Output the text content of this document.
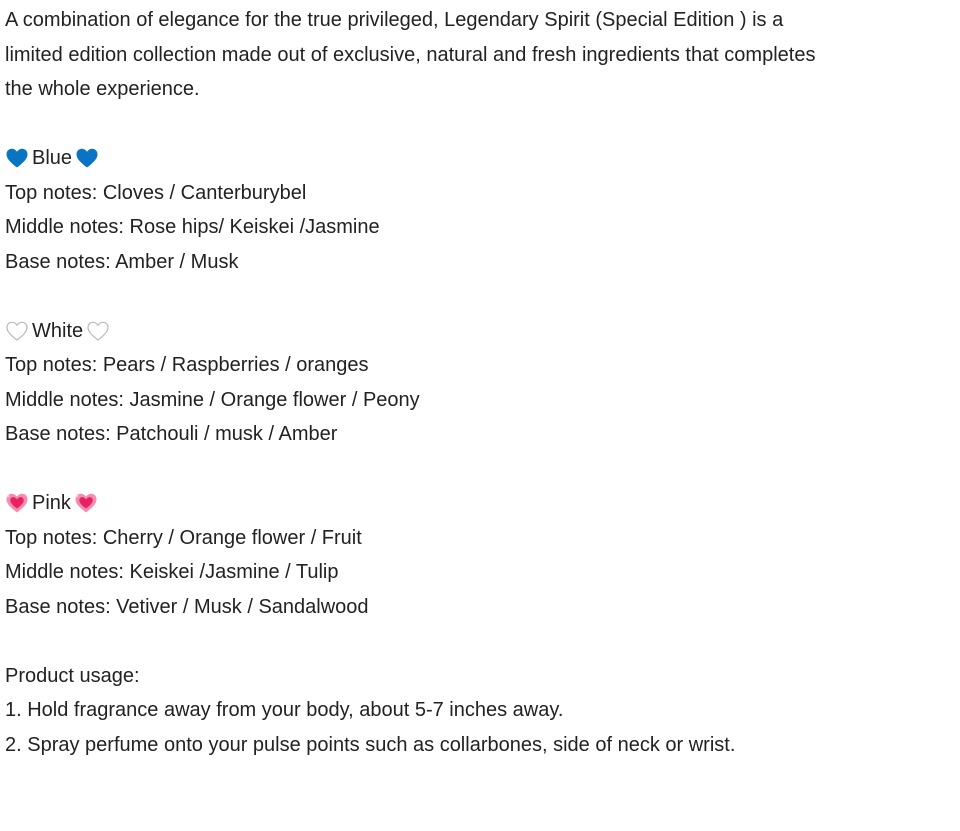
A combination of elegance for the true privileged, Legendary Spirit (Special Edition ) is a
limited edition collection made out of exclusive, natural and fresh ingredients that completes
the whole experience.

Blue
Top notes: Cloves / Canterburybel
Middle notes: Rose hips/ Keiskei /Jasmine
Base notes: Amber / Musk
White
Top notes: Pears / Raspberries / oranges
Middle notes: Jasmine / Orange flower / Peony
Base notes: Patchouli / musk / Amber
Pink
Top notes: Cherry / Orange flower / Fruit
Middle notes: Keiskei /Jasmine / Tulip
Base notes: Vetiver / Musk / Sandalwood
Product usage:
1. Hold fragrance away from your body, about 5-7 inches away.
2. Spray perfume onto your pulse points such as collarbones, side of neck or wrist.
